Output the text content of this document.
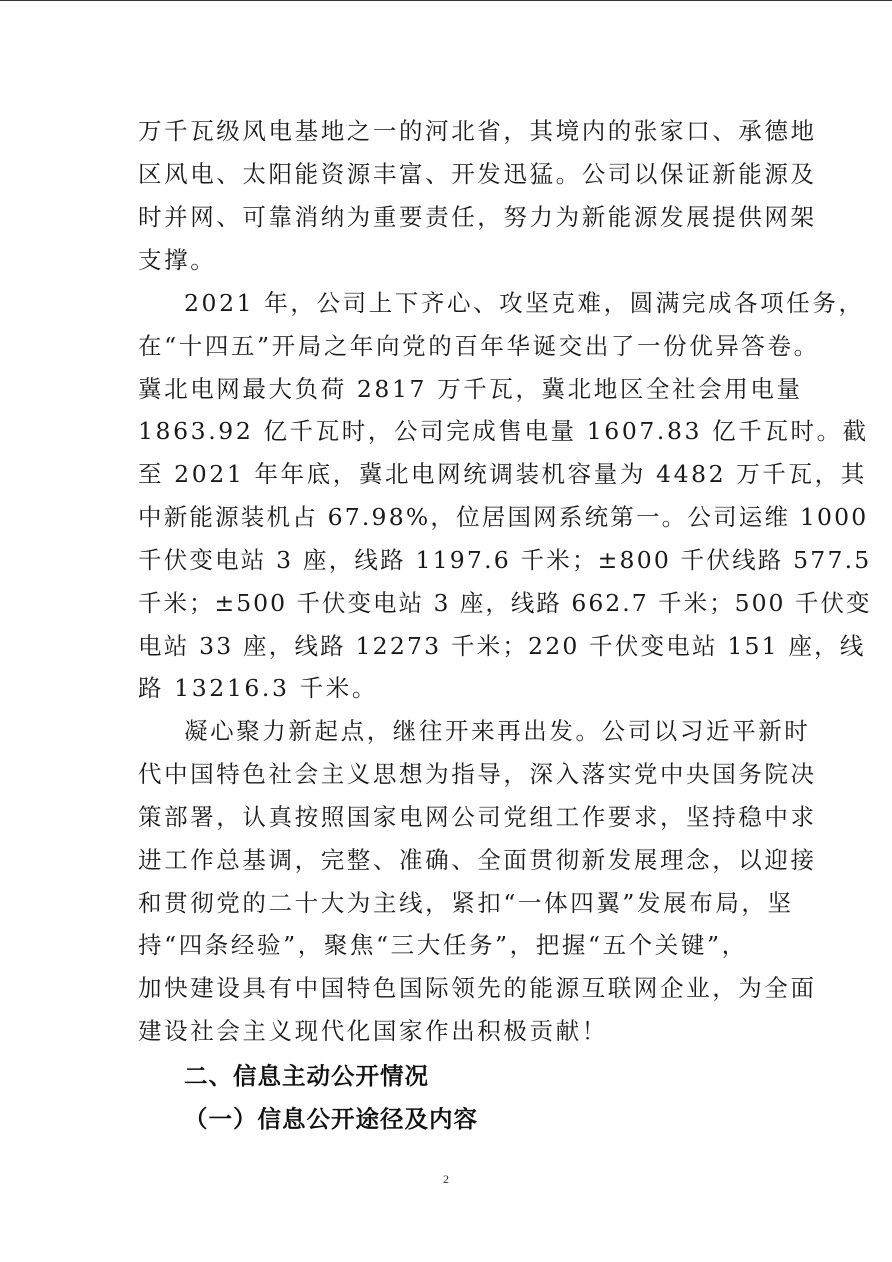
万千瓦级风电基地之一的河北省，其境内的张家口、承德地
区风电、太阳能资源丰富、开发迅猛。公司以保证新能源及
时并网、可靠消纳为重要责任，努力为新能源发展提供网架
支撑。
2021 年，公司上下齐心、攻坚克难，圆满完成各项任务，
在“十四五”开局之年向党的百年华诞交出了一份优异答卷。
冀北电网最大负荷 2817 万千瓦，冀北地区全社会用电量
1863.92 亿千瓦时，公司完成售电量 1607.83 亿千瓦时。截
至 2021 年年底，冀北电网统调装机容量为 4482 万千瓦，其
中新能源装机占 67.98%，位居国网系统第一。公司运维 1000
千伏变电站 3 座，线路 1197.6 千米；±800 千伏线路 577.5
千米；±500 千伏变电站 3 座，线路 662.7 千米；500 千伏变
电站 33 座，线路 12273 千米；220 千伏变电站 151 座，线
路 13216.3 千米。
凝心聚力新起点，继往开来再出发。公司以习近平新时
代中国特色社会主义思想为指导，深入落实党中央国务院决
策部署，认真按照国家电网公司党组工作要求，坚持稳中求
进工作总基调，完整、准确、全面贯彻新发展理念，以迎接
和贯彻党的二十大为主线，紧扣“一体四翼”发展布局，坚
持“四条经验”，聚焦“三大任务”，把握“五个关键”，
加快建设具有中国特色国际领先的能源互联网企业，为全面
建设社会主义现代化国家作出积极贡献！
二、信息主动公开情况
（一）信息公开途径及内容
2
